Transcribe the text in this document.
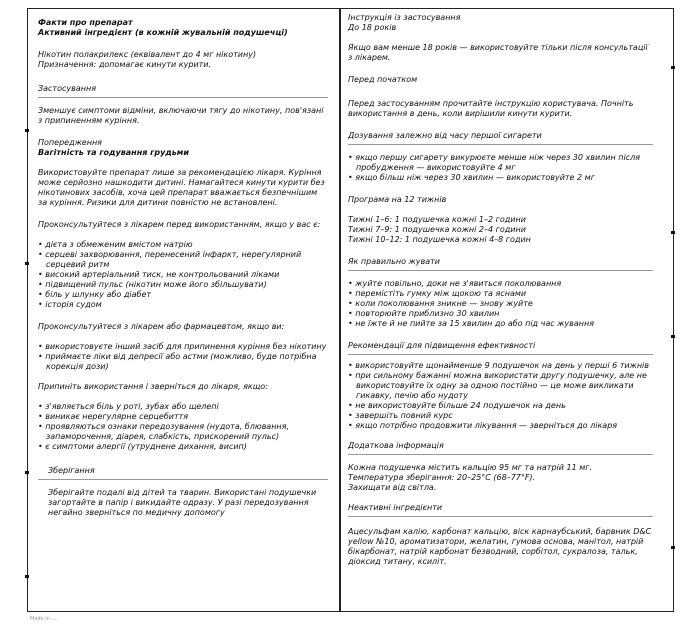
Факти про препарат

Активний інгредієнт (в кожній жувальній подушечці)

Нікотин полакрилекс (еквівалент до 4 мг нікотину)

Призначення: допомагає кинути курити.

Застосування

Зменшує симптоми відміни, включаючи тягу до нікотину, пов'язані з припиненням куріння.

Попередження

Вагітність та годування грудьми

Використовуйте препарат лише за рекомендацією лікаря. Куріння може серйозно нашкодити дитині. Намагайтеся кинути курити без нікотинових засобів, хоча цей препарат вважається безпечнішим за куріння. Ризики для дитини повністю не встановлені.

Проконсультуйтеся з лікарем перед використанням, якщо у вас є:

• дієта з обмеженим вмістом натрію
• серцеві захворювання, перенесений інфаркт, нерегулярний серцевий ритм
• високий артеріальний тиск, не контрольований ліками
• підвищений пульс (нікотин може його збільшувати)
• біль у шлунку або діабет
• історія судом

Проконсультуйтеся з лікарем або фармацевтом, якщо ви:

• використовуєте інший засіб для припинення куріння без нікотину
• приймаєте ліки від депресії або астми (можливо, буде потрібна корекція дози)

Припиніть використання і зверніться до лікаря, якщо:

• з'являється біль у роті, зубах або щелепі
• виникає нерегулярне серцебиття
• проявляються ознаки передозування (нудота, блювання, запаморочення, діарея, слабкість, прискорений пульс)
• є симптоми алергії (утруднене дихання, висип)

Зберігання

Зберігайте подалі від дітей та тварин. Використані подушечки загортайте в папір і викидайте одразу. У разі передозування негайно зверніться по медичну допомогу

Інструкція із застосування

До 18 років

Якщо вам менше 18 років — використовуйте тільки після консультації з лікарем.

Перед початком

Перед застосуванням прочитайте інструкцію користувача. Почніть використання в день, коли вирішили кинути курити.

Дозування залежно від часу першої сигарети

• якщо першу сигарету викурюєте менше ніж через 30 хвилин після пробудження — використовуйте 4 мг
• якщо більш ніж через 30 хвилин — використовуйте 2 мг

Програма на 12 тижнів

Тижні 1–6: 1 подушечка кожні 1–2 години

Тижні 7–9: 1 подушечка кожні 2–4 години

Тижні 10–12: 1 подушечка кожні 4–8 годин

Як правильно жувати

• жуйте повільно, доки не з'явиться поколювання
• перемістіть гумку між щокою та яснами
• коли поколювання зникне — знову жуйте
• повторюйте приблизно 30 хвилин
• не їжте й не пийте за 15 хвилин до або під час жування

Рекомендації для підвищення ефективності

• використовуйте щонайменше 9 подушечок на день у перші 6 тижнів
• при сильному бажанні можна використати другу подушечку, але не використовуйте їх одну за одною постійно — це може викликати гикавку, печію або нудоту
• не використовуйте більше 24 подушечок на день
• завершіть повний курс
• якщо потрібно продовжити лікування — зверніться до лікаря

Додаткова інформація

Кожна подушечка містить кальцію 95 мг та натрій 11 мг.

Температура зберігання: 20–25°C (68–77°F).

Захищати від світла.

Неактивні інгредієнти

Ацесульфам калію, карбонат кальцію, віск карнаубський, барвник D&C yellow №10, ароматизатори, желатин, гумова основа, манітол, натрій бікарбонат, натрій карбонат безводний, сорбітол, сукралоза, тальк, діоксид титану, ксиліт.

Made in ....
